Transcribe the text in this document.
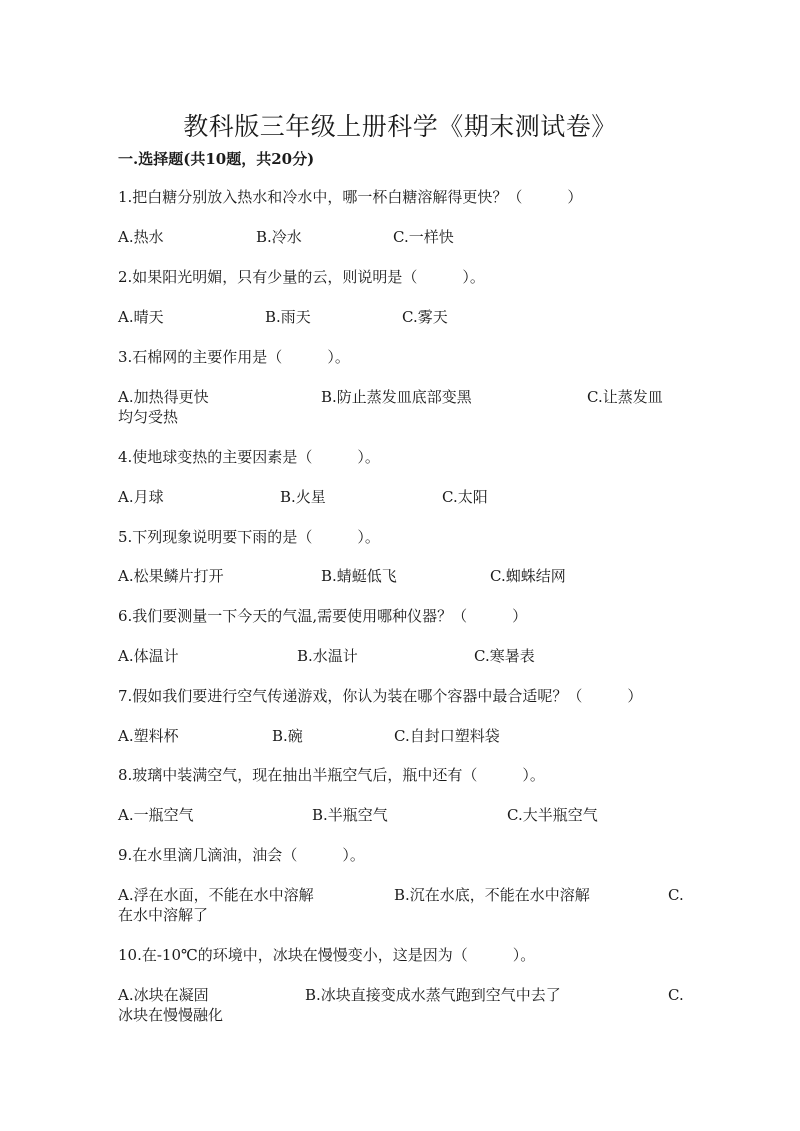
教科版三年级上册科学《期末测试卷》
一.选择题(共10题，共20分)
1.把白糖分别放入热水和冷水中，哪一杯白糖溶解得更快？（　　　）
A.热水	B.冷水	C.一样快
2.如果阳光明媚，只有少量的云，则说明是（　　　）。
A.晴天	B.雨天	C.雾天
3.石棉网的主要作用是（　　　）。
A.加热得更快	B.防止蒸发皿底部变黑	C.让蒸发皿
均匀受热
4.使地球变热的主要因素是（　　　）。
A.月球	B.火星	C.太阳
5.下列现象说明要下雨的是（　　　）。
A.松果鳞片打开	B.蜻蜓低飞	C.蜘蛛结网
6.我们要测量一下今天的气温,需要使用哪种仪器？（　　　）
A.体温计	B.水温计	C.寒暑表
7.假如我们要进行空气传递游戏，你认为装在哪个容器中最合适呢？（　　　）
A.塑料杯	B.碗	C.自封口塑料袋
8.玻璃中装满空气，现在抽出半瓶空气后，瓶中还有（　　　）。
A.一瓶空气	B.半瓶空气	C.大半瓶空气
9.在水里滴几滴油，油会（　　　）。
A.浮在水面，不能在水中溶解	B.沉在水底，不能在水中溶解	C.
在水中溶解了
10.在-10℃的环境中，冰块在慢慢变小，这是因为（　　　）。
A.冰块在凝固	B.冰块直接变成水蒸气跑到空气中去了	C.
冰块在慢慢融化
